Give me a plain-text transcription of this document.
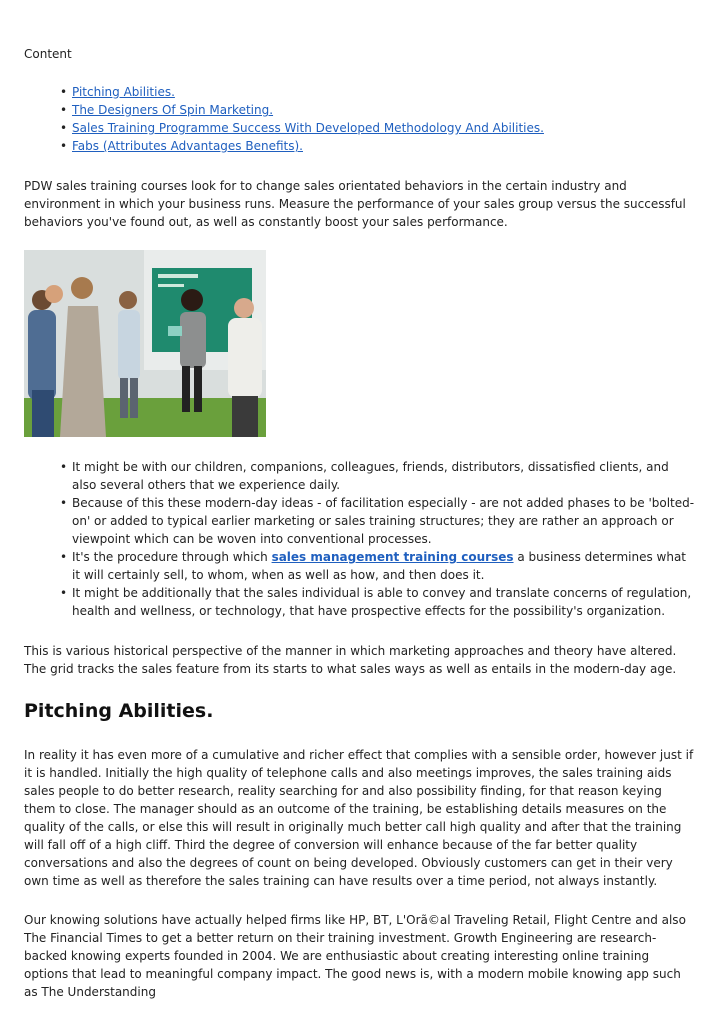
Content

• Pitching Abilities.
• The Designers Of Spin Marketing.
• Sales Training Programme Success With Developed Methodology And Abilities.
• Fabs (Attributes Advantages Benefits).

PDW sales training courses look for to change sales orientated behaviors in the certain industry and environment in which your business runs. Measure the performance of your sales group versus the successful behaviors you've found out, as well as constantly boost your sales performance.

• It might be with our children, companions, colleagues, friends, distributors, dissatisfied clients, and also several others that we experience daily.
• Because of this these modern-day ideas - of facilitation especially - are not added phases to be 'bolted-on' or added to typical earlier marketing or sales training structures; they are rather an approach or viewpoint which can be woven into conventional processes.
• It's the procedure through which sales management training courses a business determines what it will certainly sell, to whom, when as well as how, and then does it.
• It might be additionally that the sales individual is able to convey and translate concerns of regulation, health and wellness, or technology, that have prospective effects for the possibility's organization.

This is various historical perspective of the manner in which marketing approaches and theory have altered. The grid tracks the sales feature from its starts to what sales ways as well as entails in the modern-day age.

Pitching Abilities.

In reality it has even more of a cumulative and richer effect that complies with a sensible order, however just if it is handled. Initially the high quality of telephone calls and also meetings improves, the sales training aids sales people to do better research, reality searching for and also possibility finding, for that reason keying them to close. The manager should as an outcome of the training, be establishing details measures on the quality of the calls, or else this will result in originally much better call high quality and after that the training will fall off of a high cliff. Third the degree of conversion will enhance because of the far better quality conversations and also the degrees of count on being developed. Obviously customers can get in their very own time as well as therefore the sales training can have results over a time period, not always instantly.

Our knowing solutions have actually helped firms like HP, BT, L'Orã©al Traveling Retail, Flight Centre and also The Financial Times to get a better return on their training investment. Growth Engineering are research-backed knowing experts founded in 2004. We are enthusiastic about creating interesting online training options that lead to meaningful company impact. The good news is, with a modern mobile knowing app such as The Understanding
